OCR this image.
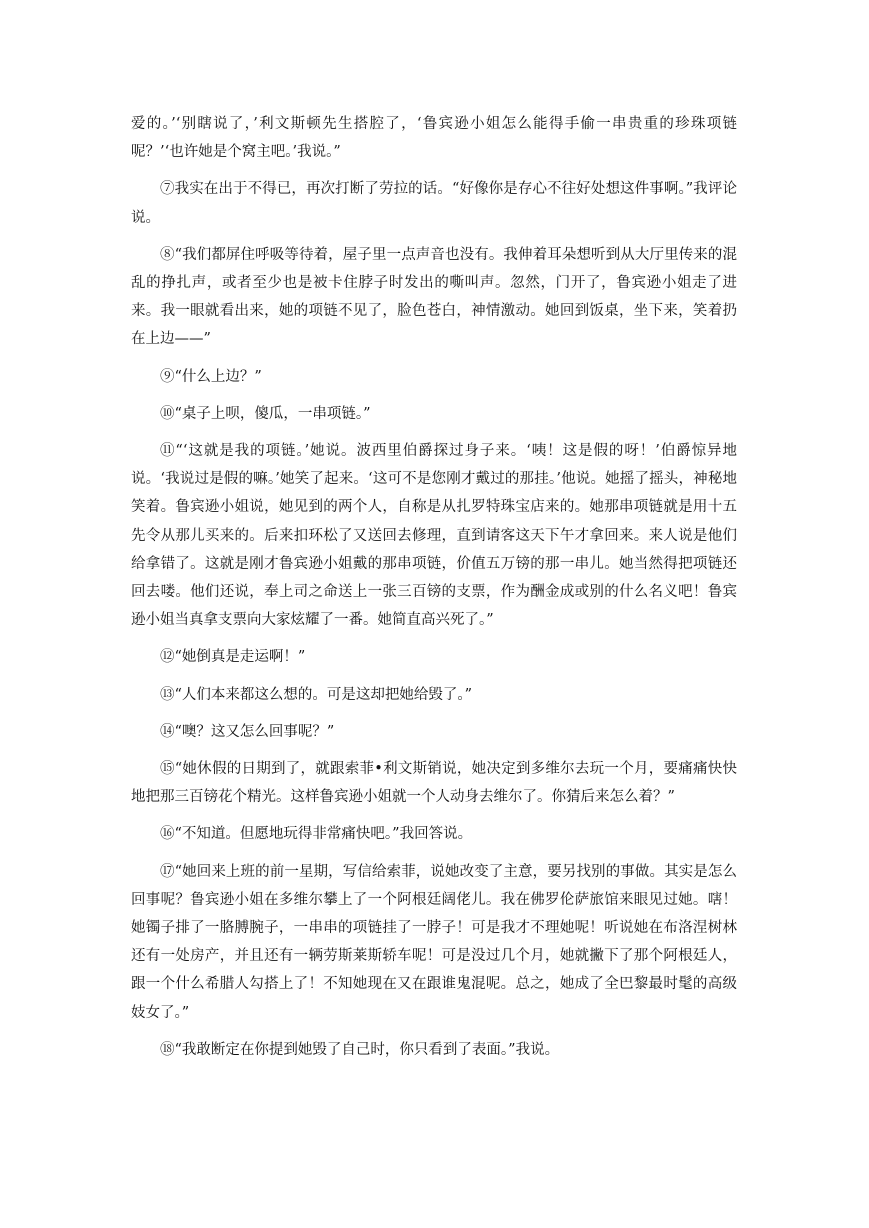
爱的。’‘别瞎说了，’利文斯顿先生搭腔了，‘鲁宾逊小姐怎么能得手偷一串贵重的珍珠项链呢？’‘也许她是个窝主吧。’我说。”

⑦我实在出于不得已，再次打断了劳拉的话。“好像你是存心不往好处想这件事啊。”我评论说。

⑧“我们都屏住呼吸等待着，屋子里一点声音也没有。我伸着耳朵想听到从大厅里传来的混乱的挣扎声，或者至少也是被卡住脖子时发出的嘶叫声。忽然，门开了，鲁宾逊小姐走了进来。我一眼就看出来，她的项链不见了，脸色苍白，神情激动。她回到饭桌，坐下来，笑着扔在上边——”

⑨“什么上边？”

⑩“桌子上呗，傻瓜，一串项链。”

⑪“‘这就是我的项链。’她说。波西里伯爵探过身子来。‘咦！这是假的呀！’伯爵惊异地说。‘我说过是假的嘛。’她笑了起来。‘这可不是您刚才戴过的那挂。’他说。她摇了摇头，神秘地笑着。鲁宾逊小姐说，她见到的两个人，自称是从扎罗特珠宝店来的。她那串项链就是用十五先令从那儿买来的。后来扣环松了又送回去修理，直到请客这天下午才拿回来。来人说是他们给拿错了。这就是刚才鲁宾逊小姐戴的那串项链，价值五万镑的那一串儿。她当然得把项链还回去喽。他们还说，奉上司之命送上一张三百镑的支票，作为酬金成或别的什么名义吧！鲁宾逊小姐当真拿支票向大家炫耀了一番。她简直高兴死了。”

⑫“她倒真是走运啊！”

⑬“人们本来都这么想的。可是这却把她给毁了。”

⑭“噢？这又怎么回事呢？”

⑮“她休假的日期到了，就跟索菲•利文斯销说，她决定到多维尔去玩一个月，要痛痛快快地把那三百镑花个精光。这样鲁宾逊小姐就一个人动身去维尔了。你猜后来怎么着？”

⑯“不知道。但愿地玩得非常痛快吧。”我回答说。

⑰“她回来上班的前一星期，写信给索菲，说她改变了主意，要另找别的事做。其实是怎么回事呢？鲁宾逊小姐在多维尔攀上了一个阿根廷阔佬儿。我在佛罗伦萨旅馆来眼见过她。嗐！她镯子排了一胳膊腕子，一串串的项链挂了一脖子！可是我才不理她呢！听说她在布洛涅树林还有一处房产，并且还有一辆劳斯莱斯轿车呢！可是没过几个月，她就撇下了那个阿根廷人，跟一个什么希腊人勾搭上了！不知她现在又在跟谁鬼混呢。总之，她成了全巴黎最时髦的高级妓女了。”

⑱“我敢断定在你提到她毁了自己时，你只看到了表面。”我说。
